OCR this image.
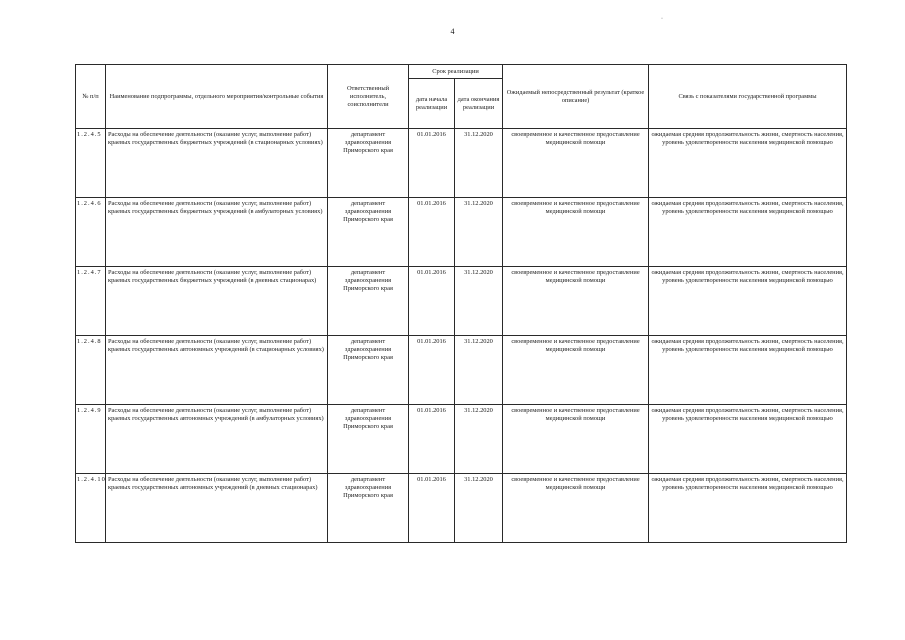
4
·
№ п/п	Наименование подпрограммы, отдельного мероприятия/контрольные события	Ответственный исполнитель, соисполнители	Срок реализации		Ожидаемый непосредственный результат (краткое описание)	Связь с показателями государственной программы
			дата начала реализации	дата окончания реализации		
1.2.4.5	Расходы на обеспечение деятельности (оказание услуг, выполнение работ) краевых государственных бюджетных учреждений (в стационарных условиях)	департамент здравоохранения Приморского края	01.01.2016	31.12.2020	своевременное и качественное предоставление медицинской помощи	ожидаемая средняя продолжительность жизни, смертность населения, уровень удовлетворенности населения медицинской помощью
1.2.4.6	Расходы на обеспечение деятельности (оказание услуг, выполнение работ) краевых государственных бюджетных учреждений (в амбулаторных условиях)	департамент здравоохранения Приморского края	01.01.2016	31.12.2020	своевременное и качественное предоставление медицинской помощи	ожидаемая средняя продолжительность жизни, смертность населения, уровень удовлетворенности населения медицинской помощью
1.2.4.7	Расходы на обеспечение деятельности (оказание услуг, выполнение работ) краевых государственных бюджетных учреждений (в дневных стационарах)	департамент здравоохранения Приморского края	01.01.2016	31.12.2020	своевременное и качественное предоставление медицинской помощи	ожидаемая средняя продолжительность жизни, смертность населения, уровень удовлетворенности населения медицинской помощью
1.2.4.8	Расходы на обеспечение деятельности (оказание услуг, выполнение работ) краевых государственных автономных учреждений (в стационарных условиях)	департамент здравоохранения Приморского края	01.01.2016	31.12.2020	своевременное и качественное предоставление медицинской помощи	ожидаемая средняя продолжительность жизни, смертность населения, уровень удовлетворенности населения медицинской помощью
1.2.4.9	Расходы на обеспечение деятельности (оказание услуг, выполнение работ) краевых государственных автономных учреждений (в амбулаторных условиях)	департамент здравоохранения Приморского края	01.01.2016	31.12.2020	своевременное и качественное предоставление медицинской помощи	ожидаемая средняя продолжительность жизни, смертность населения, уровень удовлетворенности населения медицинской помощью
1.2.4.10	Расходы на обеспечение деятельности (оказание услуг, выполнение работ) краевых государственных автономных учреждений (в дневных стационарах)	департамент здравоохранения Приморского края	01.01.2016	31.12.2020	своевременное и качественное предоставление медицинской помощи	ожидаемая средняя продолжительность жизни, смертность населения, уровень удовлетворенности населения медицинской помощью
